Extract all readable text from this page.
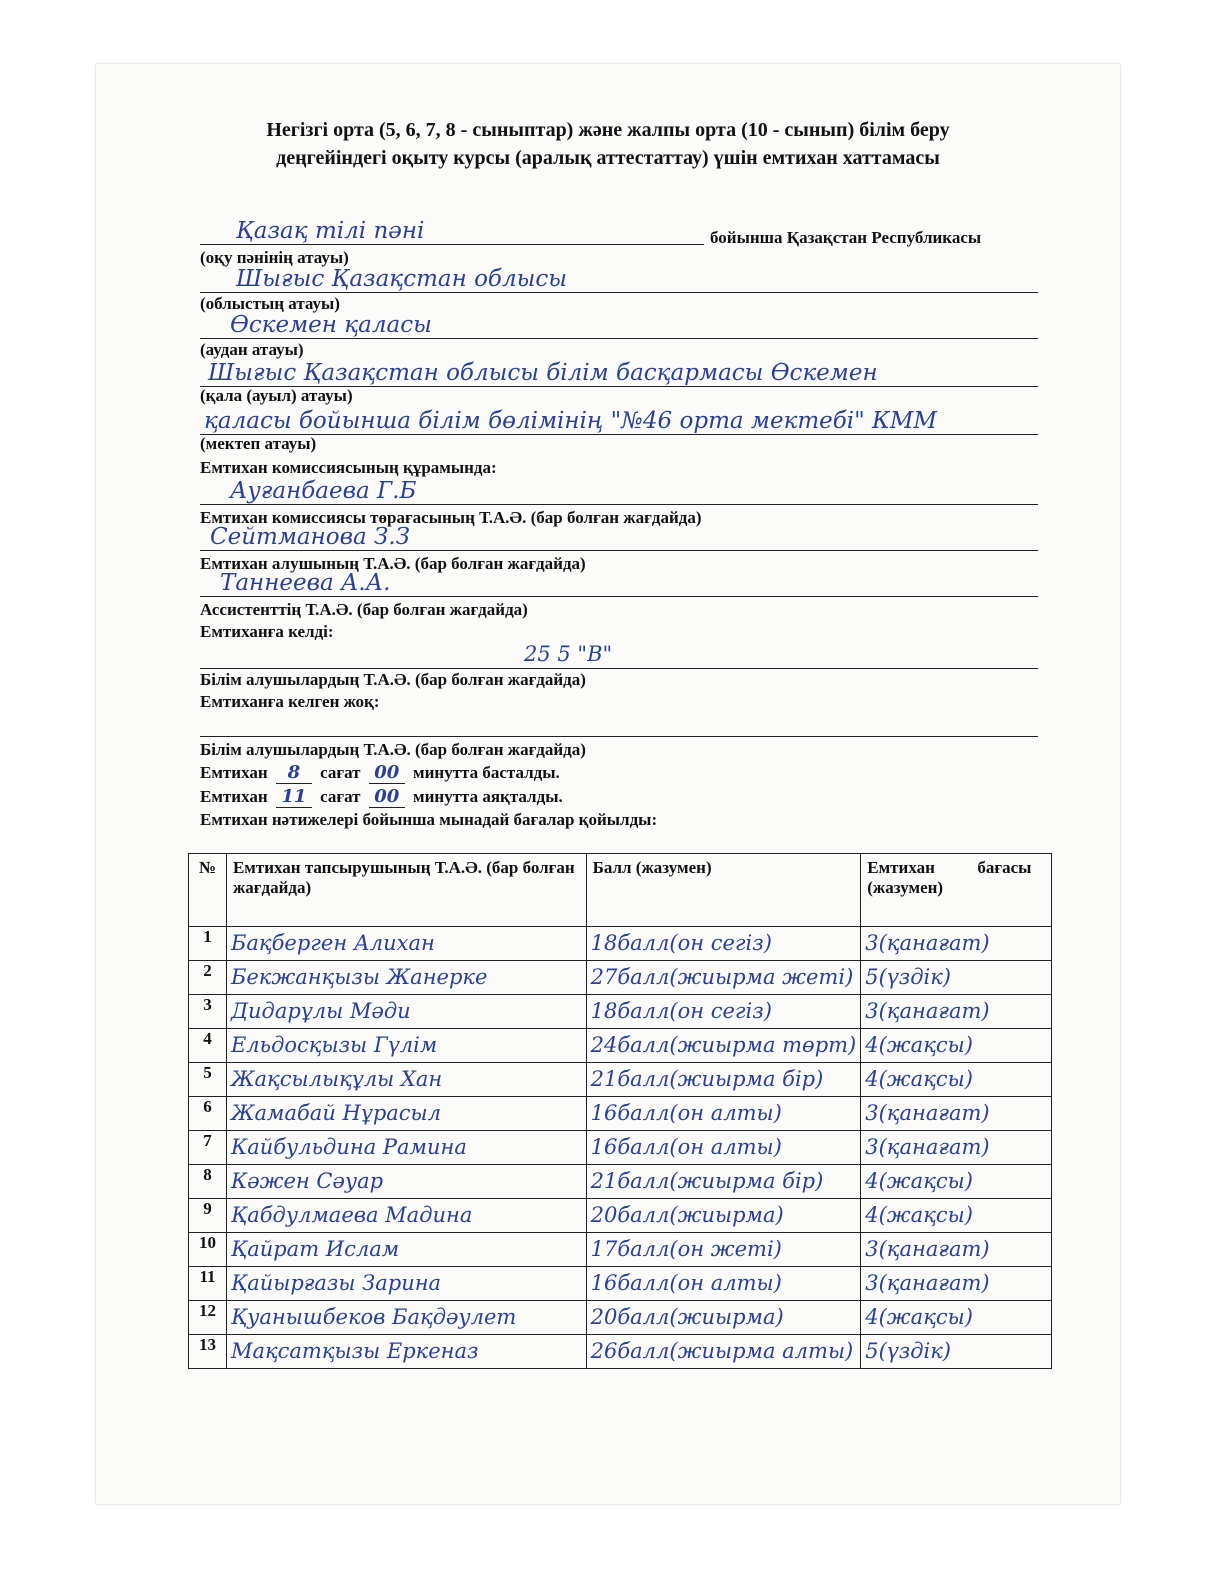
Негізгі орта (5, 6, 7, 8 - сыныптар) және жалпы орта (10 - сынып) білім беру
деңгейіндегі оқыту курсы (аралық аттестаттау) үшін емтихан хаттамасы
Қазақ тілі пәні	бойынша Қазақстан Республикасы
(оқу пәнінің атауы)
Шығыс Қазақстан облысы
(облыстың атауы)
Өскемен қаласы
(аудан атауы)
Шығыс Қазақстан облысы білім басқармасы Өскемен
(қала (ауыл) атауы)
қаласы бойынша білім бөлімінің "№46 орта мектебі" КММ
(мектеп атауы)
Емтихан комиссиясының құрамында:
Ауғанбаева Г.Б
Емтихан комиссиясы төрағасының Т.А.Ә. (бар болған жағдайда)
Сейтманова З.З
Емтихан алушының Т.А.Ә. (бар болған жағдайда)
Таннеева А.А.
Ассистенттің Т.А.Ә. (бар болған жағдайда)
Емтиханға келді:
25 5 "В"
Білім алушылардың Т.А.Ә. (бар болған жағдайда)
Емтиханға келген жоқ:
Білім алушылардың Т.А.Ә. (бар болған жағдайда)
Емтихан 8 сағат 00 минутта басталды.
Емтихан 11 сағат 00 минутта аяқталды.
Емтихан нәтижелері бойынша мынадай бағалар қойылды:
№	Емтихан тапсырушының Т.А.Ә. (бар болған жағдайда)	Балл (жазумен)	Емтихан          бағасы (жазумен)
1	Бақберген Алихан	18балл(он сегіз)	3(қанағат)
2	Бекжанқызы Жанерке	27балл(жиырма жеті)	5(үздік)
3	Дидарұлы Мәди	18балл(он сегіз)	3(қанағат)
4	Ельдосқызы Гүлім	24балл(жиырма төрт)	4(жақсы)
5	Жақсылықұлы Хан	21балл(жиырма бір)	4(жақсы)
6	Жамабай Нұрасыл	16балл(он алты)	3(қанағат)
7	Кайбульдина Рамина	16балл(он алты)	3(қанағат)
8	Кәжен Сәуар	21балл(жиырма бір)	4(жақсы)
9	Қабдулмаева Мадина	20балл(жиырма)	4(жақсы)
10	Қайрат Ислам	17балл(он жеті)	3(қанағат)
11	Қайырғазы Зарина	16балл(он алты)	3(қанағат)
12	Қуанышбеков Бақдәулет	20балл(жиырма)	4(жақсы)
13	Мақсатқызы Еркеназ	26балл(жиырма алты)	5(үздік)
